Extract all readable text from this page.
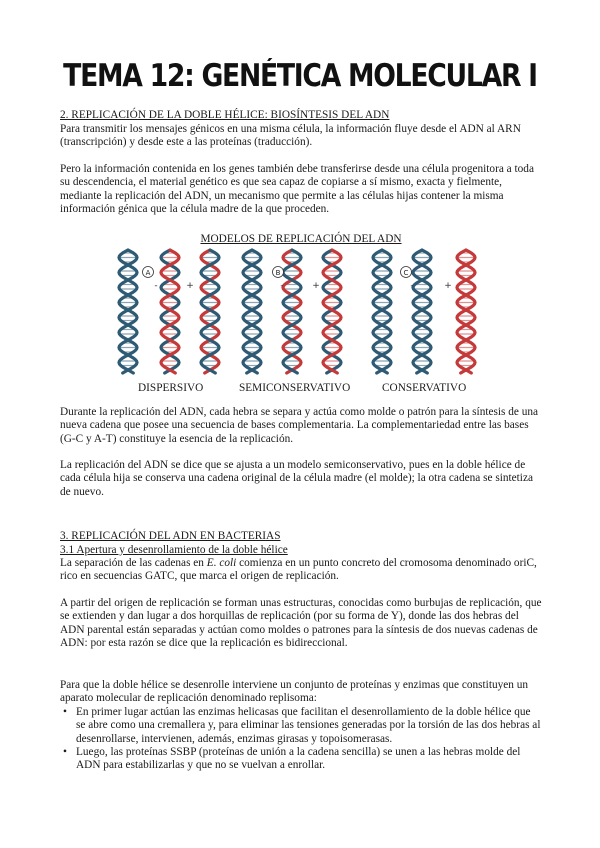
TEMA 12: GENÉTICA MOLECULAR I
2. REPLICACIÓN DE LA DOBLE HÉLICE: BIOSÍNTESIS DEL ADN
Para transmitir los mensajes génicos en una misma célula, la información fluye desde el ADN al ARN (transcripción) y desde este a las proteínas (traducción).
Pero la información contenida en los genes también debe transferirse desde una célula progenitora a toda su descendencia, el material genético es que sea capaz de copiarse a sí mismo, exacta y fielmente, mediante la replicación del ADN, un mecanismo que permite a las células hijas contener la misma información génica que la célula madre de la que proceden.
MODELOS DE REPLICACIÓN DEL ADN
A
-	+
B
-	+
C
-	+
DISPERSIVO	SEMICONSERVATIVO	CONSERVATIVO
Durante la replicación del ADN, cada hebra se separa y actúa como molde o patrón para la síntesis de una nueva cadena que posee una secuencia de bases complementaria. La complementariedad entre las bases (G-C y A-T) constituye la esencia de la replicación.
La replicación del ADN se dice que se ajusta a un modelo semiconservativo, pues en la doble hélice de cada célula hija se conserva una cadena original de la célula madre (el molde); la otra cadena se sintetiza de nuevo.
3. REPLICACIÓN DEL ADN EN BACTERIAS
3.1 Apertura y desenrollamiento de la doble hélice
La separación de las cadenas en E. coli comienza en un punto concreto del cromosoma denominado oriC, rico en secuencias GATC, que marca el origen de replicación.
A partir del origen de replicación se forman unas estructuras, conocidas como burbujas de replicación, que se extienden y dan lugar a dos horquillas de replicación (por su forma de Y), donde las dos hebras del ADN parental están separadas y actúan como moldes o patrones para la síntesis de dos nuevas cadenas de ADN: por esta razón se dice que la replicación es bidireccional.
Para que la doble hélice se desenrolle interviene un conjunto de proteínas y enzimas que constituyen un aparato molecular de replicación denominado replisoma:
• En primer lugar actúan las enzimas helicasas que facilitan el desenrollamiento de la doble hélice que se abre como una cremallera y, para eliminar las tensiones generadas por la torsión de las dos hebras al desenrollarse, intervienen, además, enzimas girasas y topoisomerasas.
• Luego, las proteínas SSBP (proteínas de unión a la cadena sencilla) se unen a las hebras molde del ADN para estabilizarlas y que no se vuelvan a enrollar.
